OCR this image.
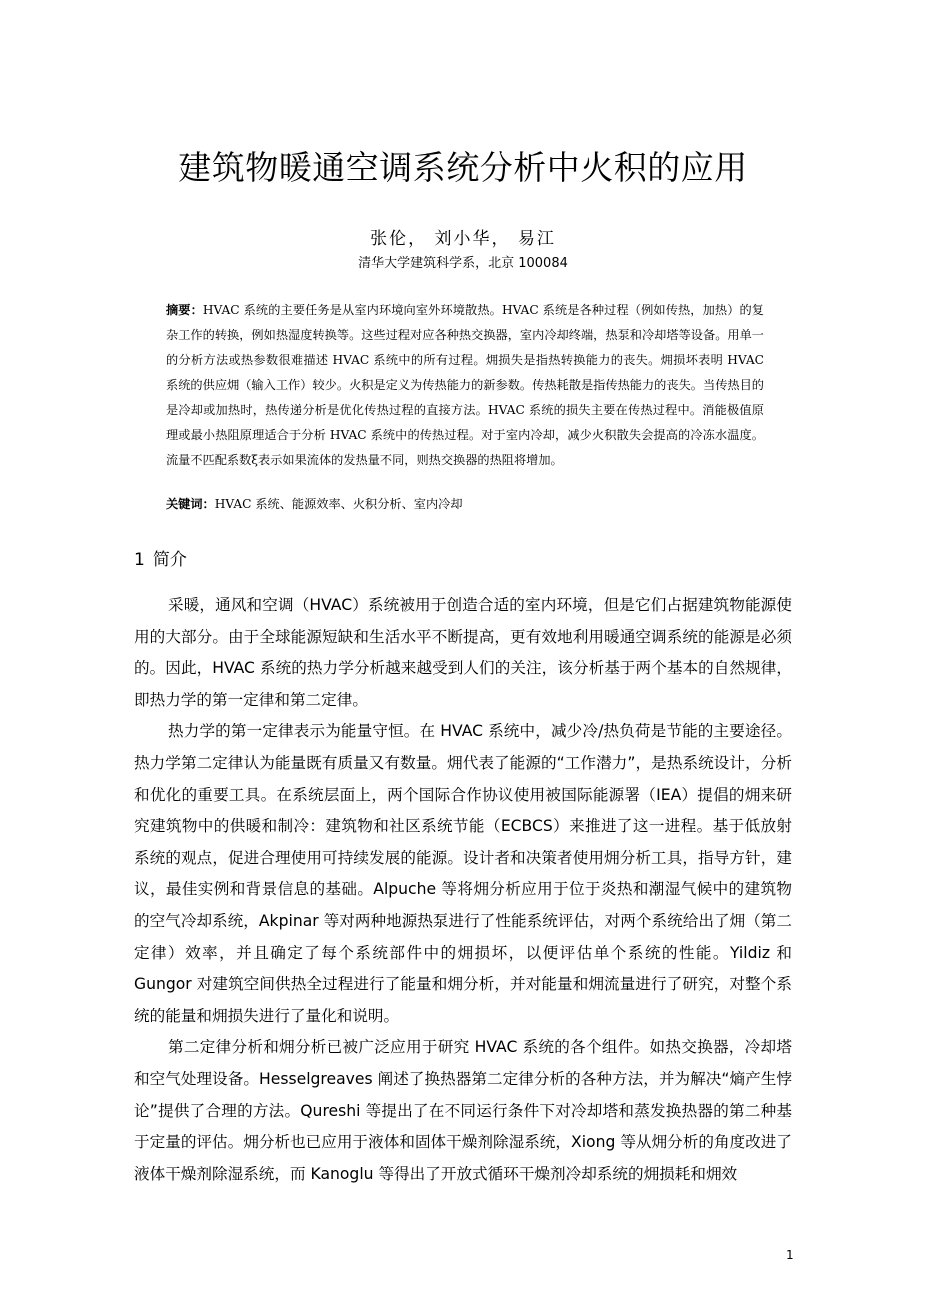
建筑物暖通空调系统分析中火积的应用
张伦， 刘小华， 易江
清华大学建筑科学系，北京 100084
摘要：HVAC 系统的主要任务是从室内环境向室外环境散热。HVAC 系统是各种过程（例如传热，加热）的复杂工作的转换，例如热湿度转换等。这些过程对应各种热交换器，室内冷却终端，热泵和冷却塔等设备。用单一的分析方法或热参数很难描述 HVAC 系统中的所有过程。㶲损失是指热转换能力的丧失。㶲损坏表明 HVAC 系统的供应㶲（输入工作）较少。火积是定义为传热能力的新参数。传热耗散是指传热能力的丧失。当传热目的是冷却或加热时，热传递分析是优化传热过程的直接方法。HVAC 系统的损失主要在传热过程中。消能极值原理或最小热阻原理适合于分析 HVAC 系统中的传热过程。对于室内冷却，减少火积散失会提高的冷冻水温度。流量不匹配系数ξ表示如果流体的发热量不同，则热交换器的热阻将增加。
关键词：HVAC 系统、能源效率、火积分析、室内冷却
1 简介

采暖，通风和空调（HVAC）系统被用于创造合适的室内环境，但是它们占据建筑物能源使用的大部分。由于全球能源短缺和生活水平不断提高，更有效地利用暖通空调系统的能源是必须的。因此，HVAC 系统的热力学分析越来越受到人们的关注，该分析基于两个基本的自然规律，即热力学的第一定律和第二定律。

热力学的第一定律表示为能量守恒。在 HVAC 系统中，减少冷/热负荷是节能的主要途径。热力学第二定律认为能量既有质量又有数量。㶲代表了能源的“工作潜力”，是热系统设计，分析和优化的重要工具。在系统层面上，两个国际合作协议使用被国际能源署（IEA）提倡的㶲来研究建筑物中的供暖和制冷：建筑物和社区系统节能（ECBCS）来推进了这一进程。基于低放射系统的观点，促进合理使用可持续发展的能源。设计者和决策者使用㶲分析工具，指导方针，建议，最佳实例和背景信息的基础。Alpuche 等将㶲分析应用于位于炎热和潮湿气候中的建筑物的空气冷却系统，Akpinar 等对两种地源热泵进行了性能系统评估，对两个系统给出了㶲（第二定律）效率，并且确定了每个系统部件中的㶲损坏，以便评估单个系统的性能。Yildiz 和 Gungor 对建筑空间供热全过程进行了能量和㶲分析，并对能量和㶲流量进行了研究，对整个系统的能量和㶲损失进行了量化和说明。

第二定律分析和㶲分析已被广泛应用于研究 HVAC 系统的各个组件。如热交换器，冷却塔和空气处理设备。Hesselgreaves 阐述了换热器第二定律分析的各种方法，并为解决“熵产生悖论”提供了合理的方法。Qureshi 等提出了在不同运行条件下对冷却塔和蒸发换热器的第二种基于定量的评估。㶲分析也已应用于液体和固体干燥剂除湿系统，Xiong 等从㶲分析的角度改进了液体干燥剂除湿系统，而 Kanoglu 等得出了开放式循环干燥剂冷却系统的㶲损耗和㶲效

1
